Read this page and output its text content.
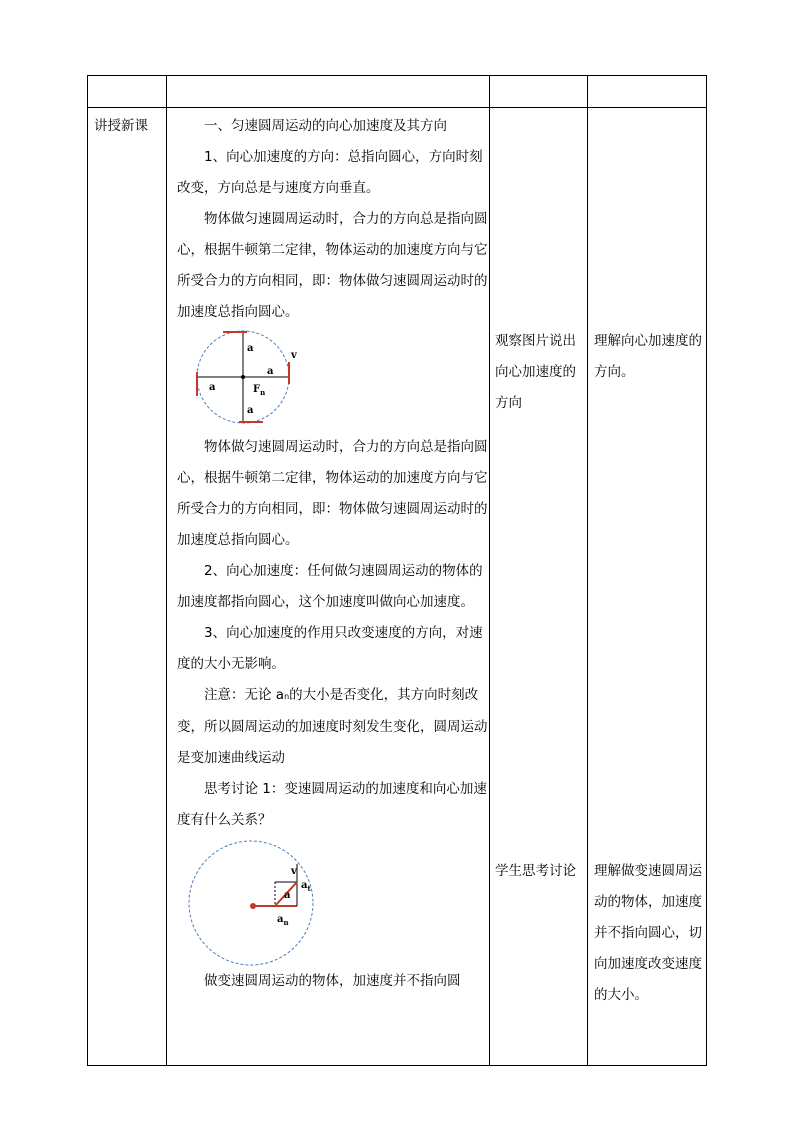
讲授新课	一、匀速圆周运动的向心加速度及其方向

1、向心加速度的方向：总指向圆心，方向时刻改变，方向总是与速度方向垂直。

物体做匀速圆周运动时，合力的方向总是指向圆心，根据牛顿第二定律，物体运动的加速度方向与它所受合力的方向相同，即：物体做匀速圆周运动时的加速度总指向圆心。

a
a
a
a
v
$F_n$

物体做匀速圆周运动时，合力的方向总是指向圆心，根据牛顿第二定律，物体运动的加速度方向与它所受合力的方向相同，即：物体做匀速圆周运动时的加速度总指向圆心。

2、向心加速度：任何做匀速圆周运动的物体的加速度都指向圆心，这个加速度叫做向心加速度。

3、向心加速度的作用只改变速度的方向，对速度的大小无影响。

注意：无论 an的大小是否变化，其方向时刻改变，所以圆周运动的加速度时刻发生变化，圆周运动是变加速曲线运动

思考讨论 1：变速圆周运动的加速度和向心加速度有什么关系？

v
a
$a_t$
$a_n$

做变速圆周运动的物体，加速度并不指向圆

观察图片说出向心加速度的方向
理解向心加速度的方向。
学生思考讨论	理解做变速圆周运动的物体，加速度并不指向圆心，切向加速度改变速度的大小。
